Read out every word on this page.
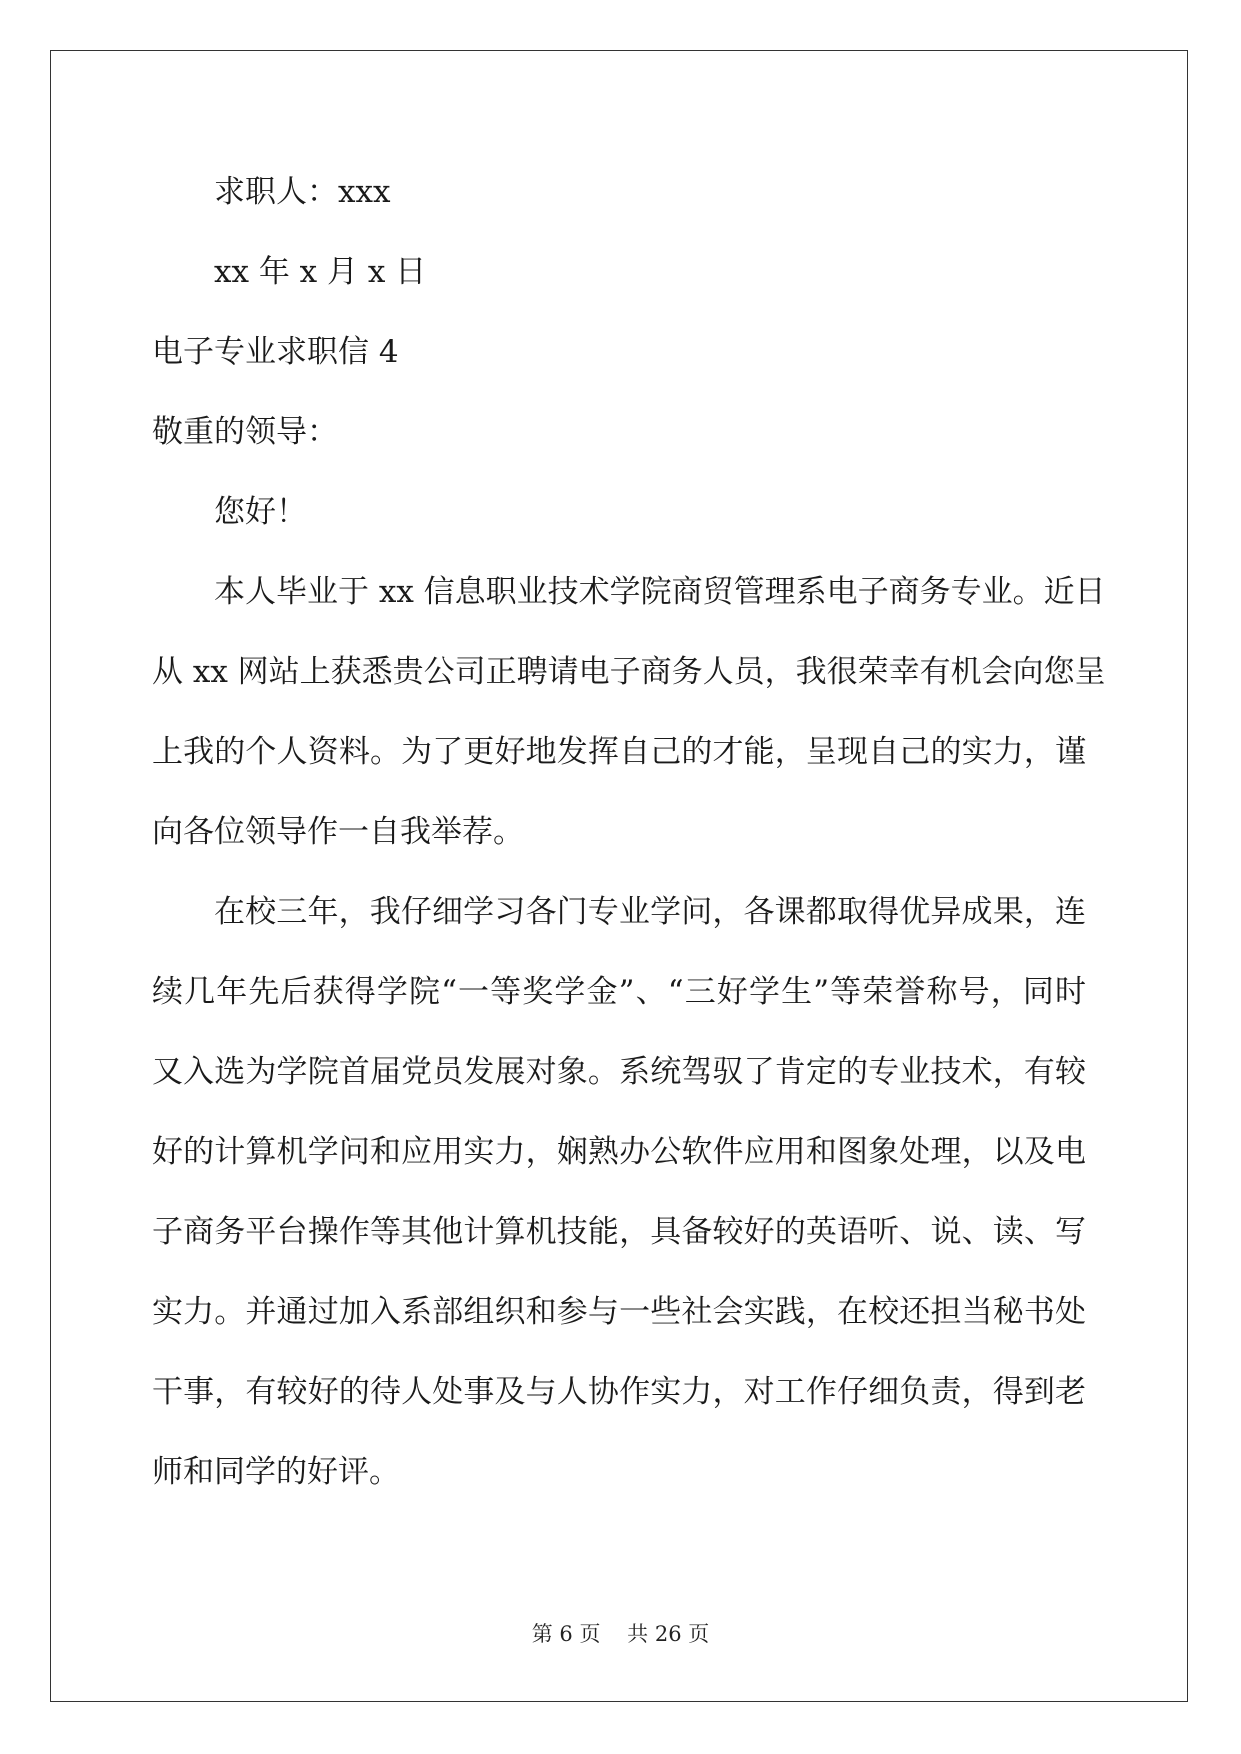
求职人：xxx
xx 年 x 月 x 日
电子专业求职信 4
敬重的领导：
您好！
本人毕业于 xx 信息职业技术学院商贸管理系电子商务专业。近日
从 xx 网站上获悉贵公司正聘请电子商务人员，我很荣幸有机会向您呈
上我的个人资料。为了更好地发挥自己的才能，呈现自己的实力，谨
向各位领导作一自我举荐。
在校三年，我仔细学习各门专业学问，各课都取得优异成果，连
续几年先后获得学院“一等奖学金”、“三好学生”等荣誉称号，同时
又入选为学院首届党员发展对象。系统驾驭了肯定的专业技术，有较
好的计算机学问和应用实力，娴熟办公软件应用和图象处理，以及电
子商务平台操作等其他计算机技能，具备较好的英语听、说、读、写
实力。并通过加入系部组织和参与一些社会实践，在校还担当秘书处
干事，有较好的待人处事及与人协作实力，对工作仔细负责，得到老
师和同学的好评。
第 6 页 共 26 页
